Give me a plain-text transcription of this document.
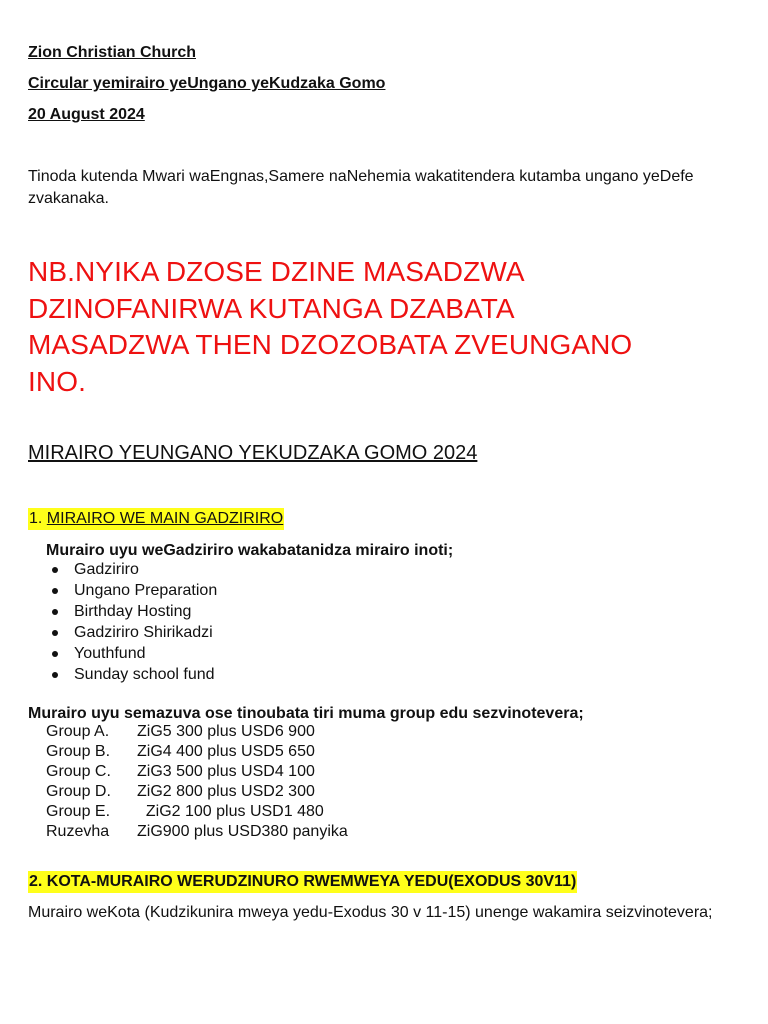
Zion Christian Church
Circular yemirairo yeUngano yeKudzaka Gomo
20 August 2024
Tinoda kutenda Mwari waEngnas,Samere naNehemia wakatitendera kutamba ungano yeDefe zvakanaka.
NB.NYIKA DZOSE DZINE MASADZWA
DZINOFANIRWA KUTANGA DZABATA
MASADZWA THEN DZOZOBATA ZVEUNGANO
INO.
MIRAIRO YEUNGANO YEKUDZAKA GOMO 2024
1. MIRAIRO WE MAIN GADZIRIRO
Murairo uyu weGadziriro wakabatanidza mirairo inoti;
Gadziriro
Ungano Preparation
Birthday Hosting
Gadziriro Shirikadzi
Youthfund
Sunday school fund
Murairo uyu semazuva ose tinoubata tiri muma group edu sezvinotevera;
Group A.	ZiG5 300 plus USD6 900
Group B.	ZiG4 400 plus USD5 650
Group C.	ZiG3 500 plus USD4 100
Group D.	ZiG2 800 plus USD2 300
Group E.	ZiG2 100 plus USD1 480
Ruzevha	ZiG900 plus USD380 panyika
2. KOTA-MURAIRO WERUDZINURO RWEMWEYA YEDU(EXODUS 30V11)
Murairo weKota (Kudzikunira mweya yedu-Exodus 30 v 11-15) unenge wakamira seizvinotevera;
